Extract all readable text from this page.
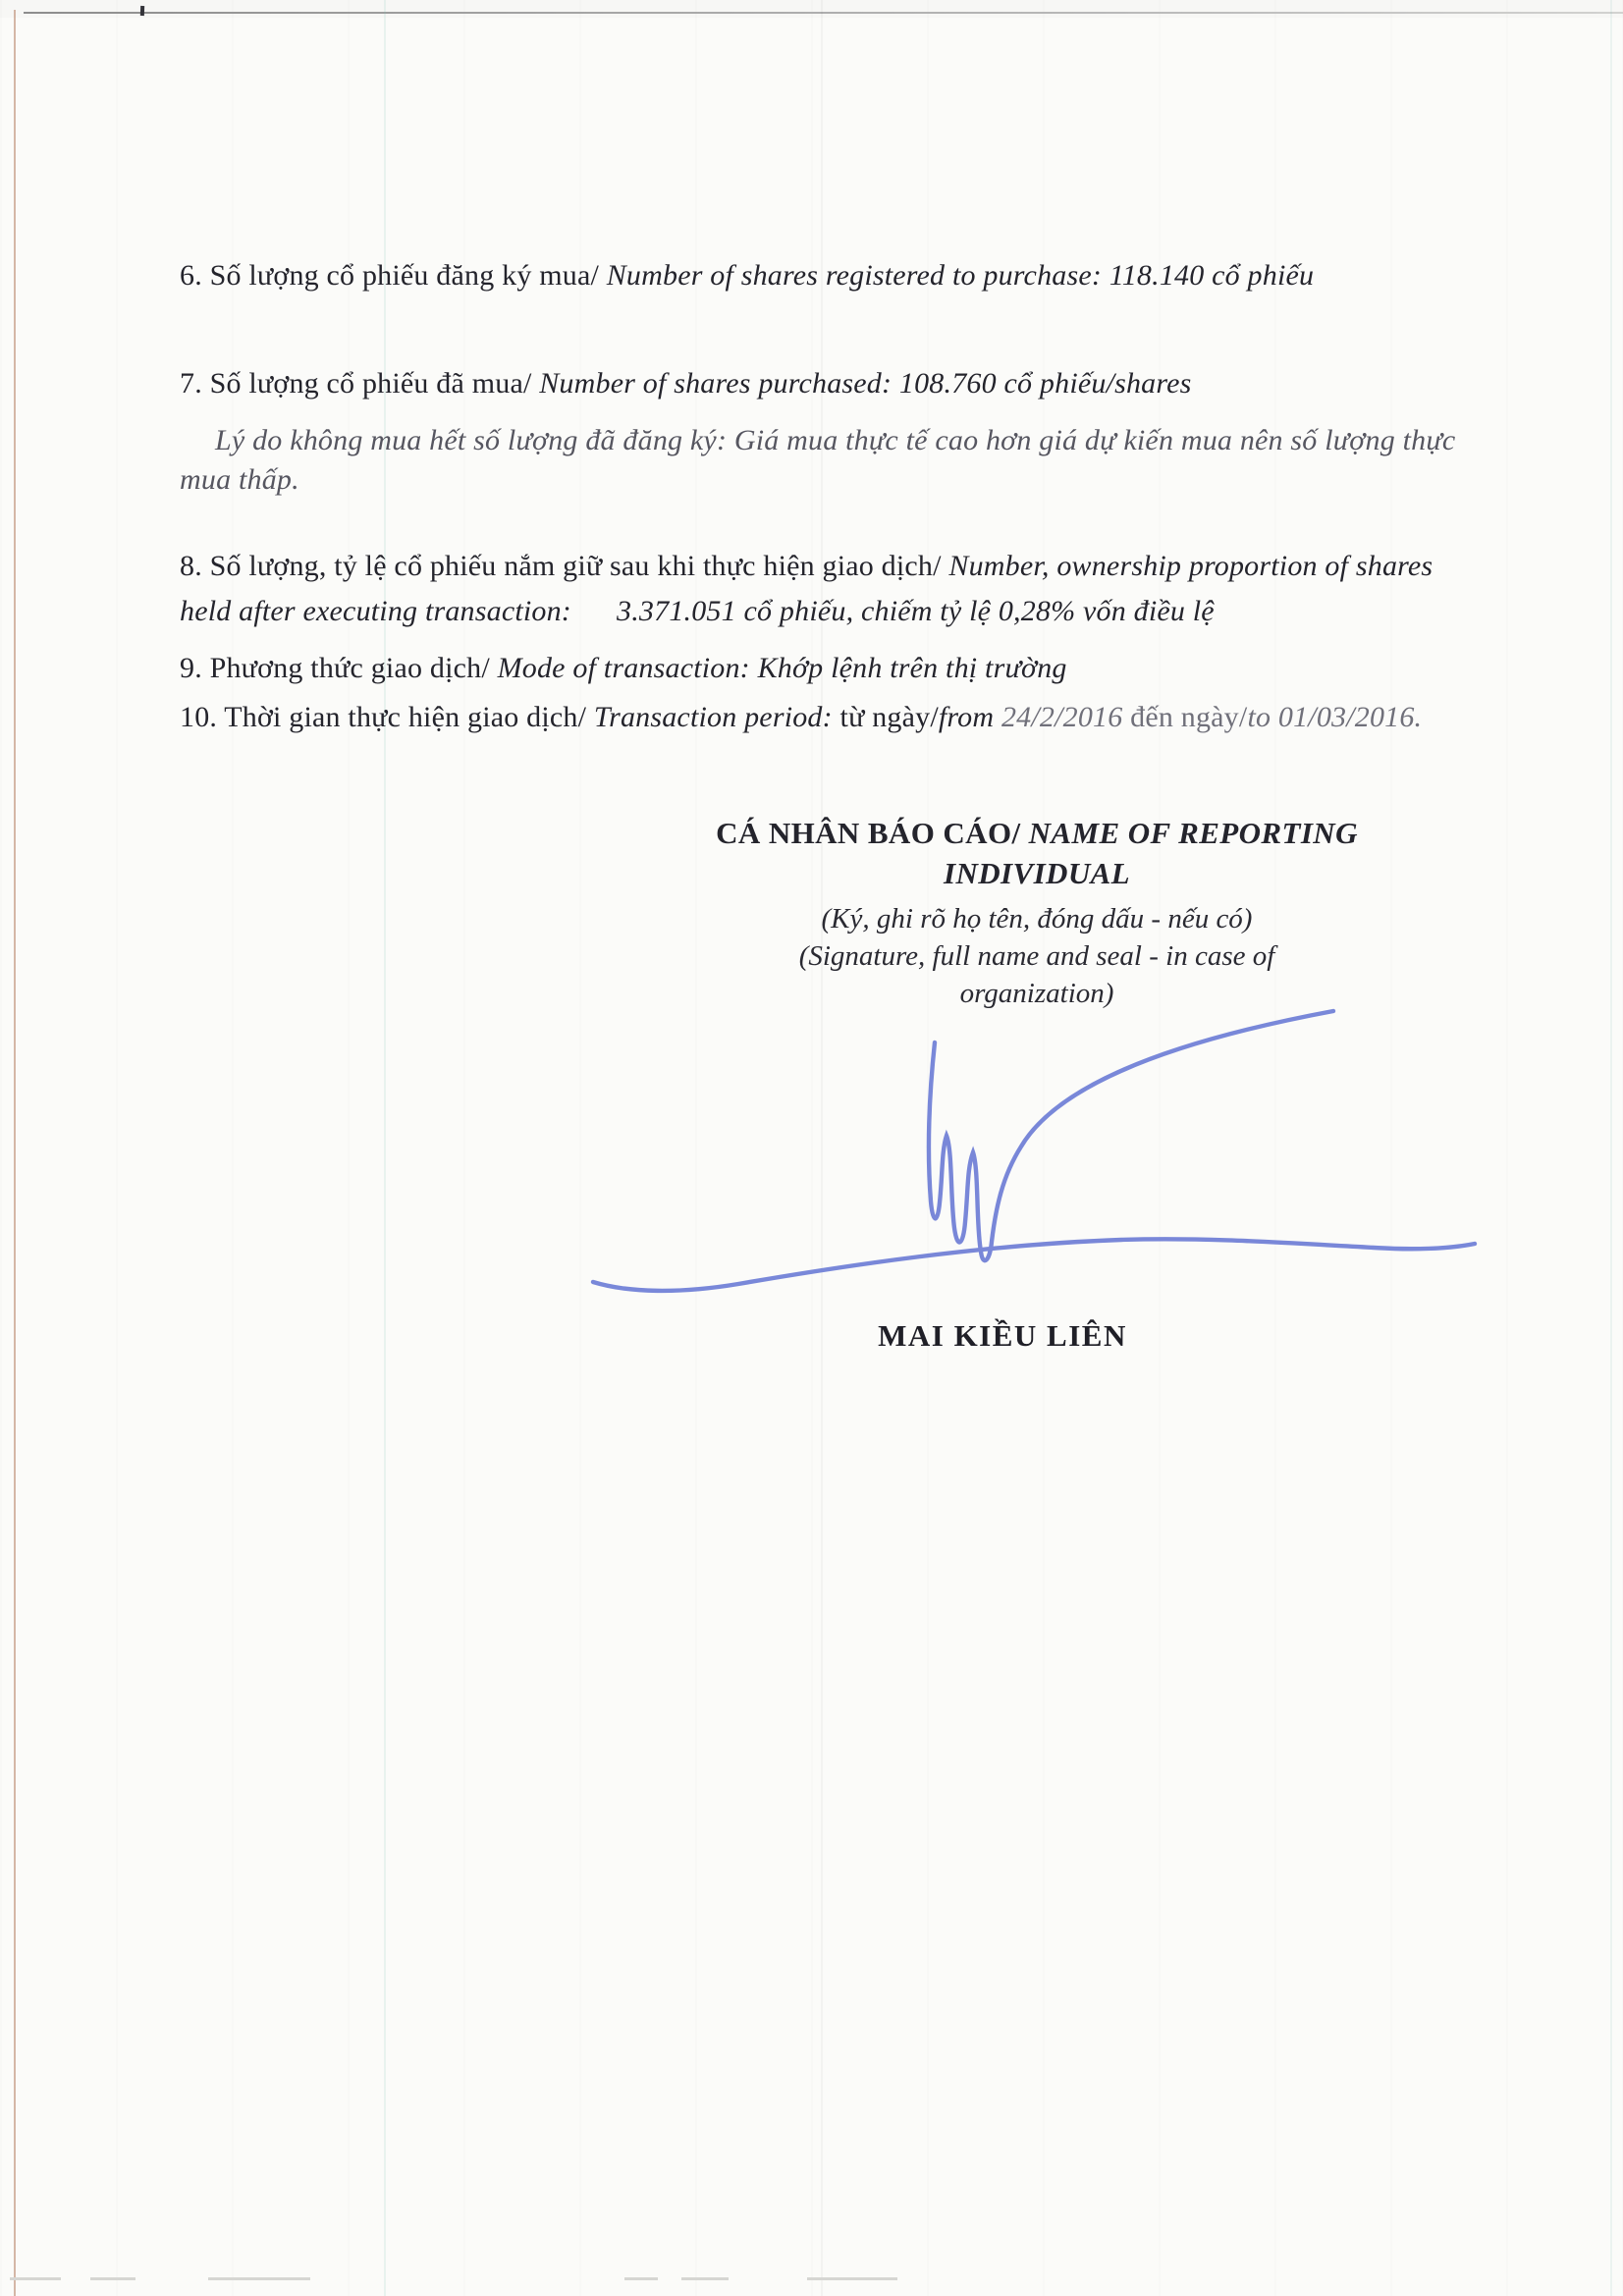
6. Số lượng cổ phiếu đăng ký mua/ Number of shares registered to purchase: 118.140 cổ phiếu
7. Số lượng cổ phiếu đã mua/ Number of shares purchased: 108.760 cổ phiếu/shares
Lý do không mua hết số lượng đã đăng ký: Giá mua thực tế cao hơn giá dự kiến mua nên số lượng thực
mua thấp.
8. Số lượng, tỷ lệ cổ phiếu nắm giữ sau khi thực hiện giao dịch/ Number, ownership proportion of shares
held after executing transaction: 3.371.051 cổ phiếu, chiếm tỷ lệ 0,28% vốn điều lệ
9. Phương thức giao dịch/ Mode of transaction: Khớp lệnh trên thị trường
10. Thời gian thực hiện giao dịch/ Transaction period: từ ngày/from 24/2/2016 đến ngày/to 01/03/2016.
CÁ NHÂN BÁO CÁO/ NAME OF REPORTING
INDIVIDUAL
(Ký, ghi rõ họ tên, đóng dấu - nếu có)
(Signature, full name and seal - in case of
organization)
MAI KIỀU LIÊN
